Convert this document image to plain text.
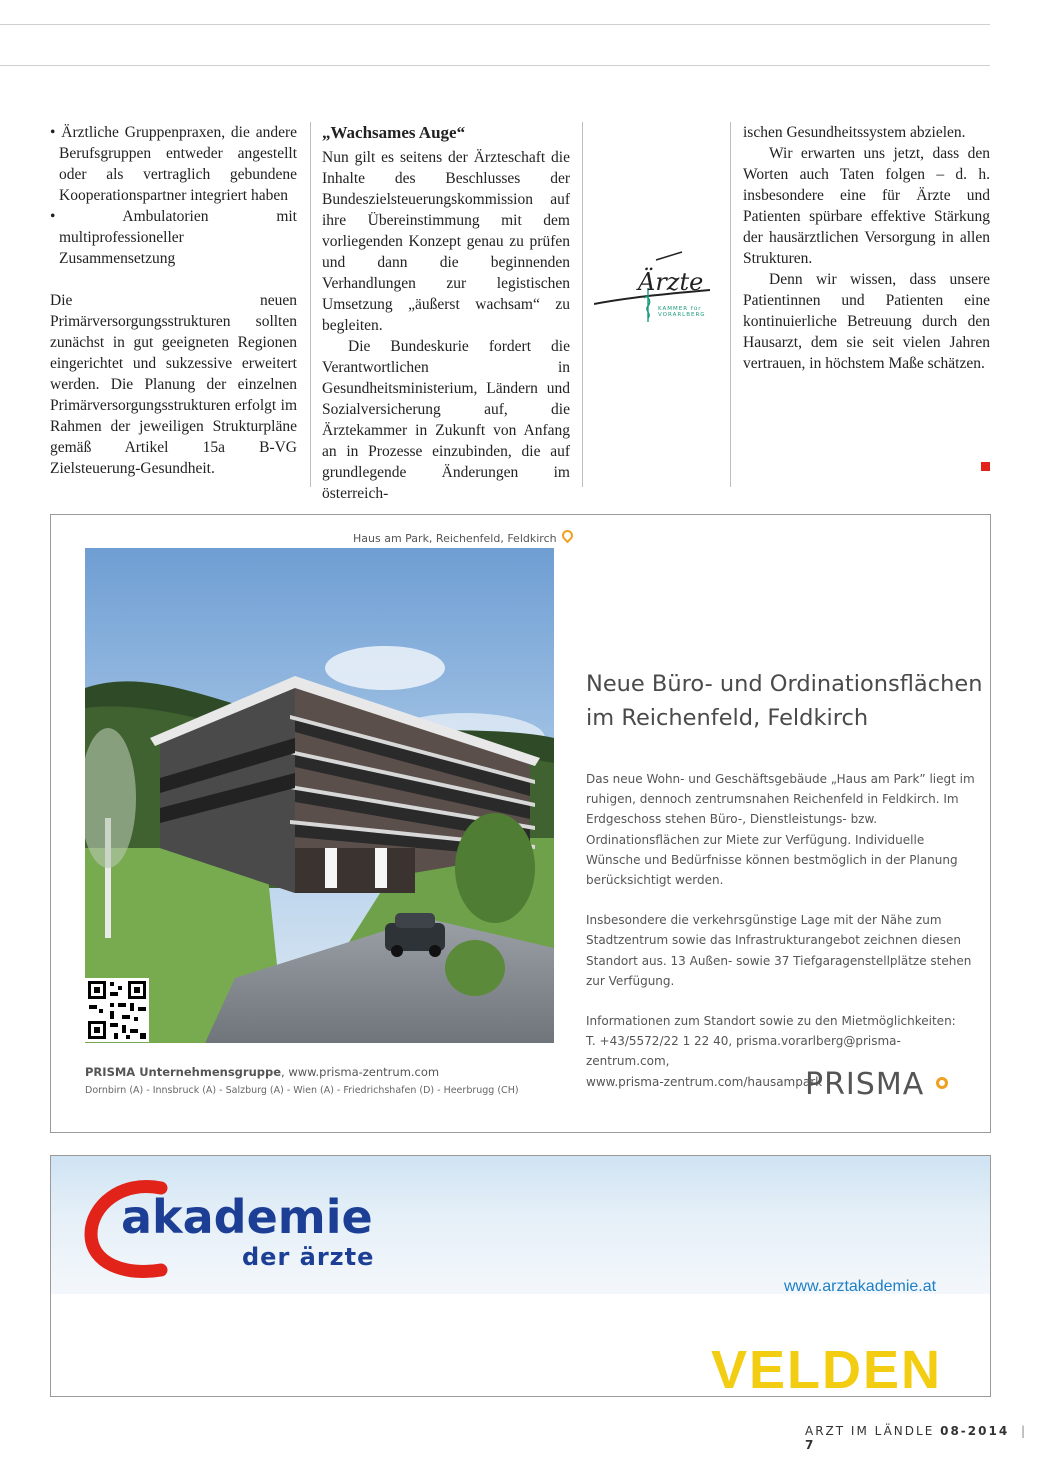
• Ärztliche Gruppenpraxen, die andere Berufsgruppen entweder angestellt oder als vertraglich gebundene Kooperationspartner integriert haben

• Ambulatorien mit multiprofessioneller Zusammensetzung

Die neuen Primärversorgungsstrukturen sollten zunächst in gut geeigneten Regionen eingerichtet und sukzessive erweitert werden. Die Planung der einzelnen Primärversorgungsstrukturen erfolgt im Rahmen der jeweiligen Strukturpläne gemäß Artikel 15a B-VG Zielsteuerung-Gesundheit.

„Wachsames Auge“

Nun gilt es seitens der Ärzteschaft die Inhalte des Beschlusses der Bundeszielsteuerungskommission auf ihre Übereinstimmung mit dem vorliegenden Konzept genau zu prüfen und dann die beginnenden Verhandlungen zur legistischen Umsetzung „äußerst wachsam“ zu begleiten.

Die Bundeskurie fordert die Verantwortlichen in Gesundheitsministerium, Ländern und Sozialversicherung auf, die Ärztekammer in Zukunft von Anfang an in Prozesse einzubinden, die auf grundlegende Änderungen im österreich-

Ärzte
KAMMER für VORARLBERG

ischen Gesundheitssystem abzielen.

Wir erwarten uns jetzt, dass den Worten auch Taten folgen – d. h. insbesondere eine für Ärzte und Patienten spürbare effektive Stärkung der hausärztlichen Versorgung in allen Strukturen.

Denn wir wissen, dass unsere Patientinnen und Patienten eine kontinuierliche Betreuung durch den Hausarzt, dem sie seit vielen Jahren vertrauen, in höchstem Maße schätzen.

Haus am Park, Reichenfeld, Feldkirch
Neue Büro- und Ordinationsflächen
im Reichenfeld, Feldkirch

Das neue Wohn- und Geschäftsgebäude „Haus am Park” liegt im ruhigen, dennoch zentrumsnahen Reichenfeld in Feldkirch. Im Erdgeschoss stehen Büro-, Dienstleistungs- bzw. Ordinationsflächen zur Miete zur Verfügung. Individuelle Wünsche und Bedürfnisse können bestmöglich in der Planung berücksichtigt werden.

Insbesondere die verkehrsgünstige Lage mit der Nähe zum Stadtzentrum sowie das Infrastrukturangebot zeichnen diesen Standort aus. 13 Außen- sowie 37 Tiefgaragenstellplätze stehen zur Verfügung.

Informationen zum Standort sowie zu den Mietmöglichkeiten:
T. +43/5572/22 1 22 40, prisma.vorarlberg@prisma-zentrum.com,
www.prisma-zentrum.com/hausampark

PRISMA Unternehmensgruppe, www.prisma-zentrum.com
Dornbirn (A) - Innsbruck (A) - Salzburg (A) - Wien (A) - Friedrichshafen (D) - Heerbrugg (CH)	PRISMA
akademie
der ärzte
www.arztakademie.at
VELDEN
ARZT IM LÄNDLE 08-2014 | 7
